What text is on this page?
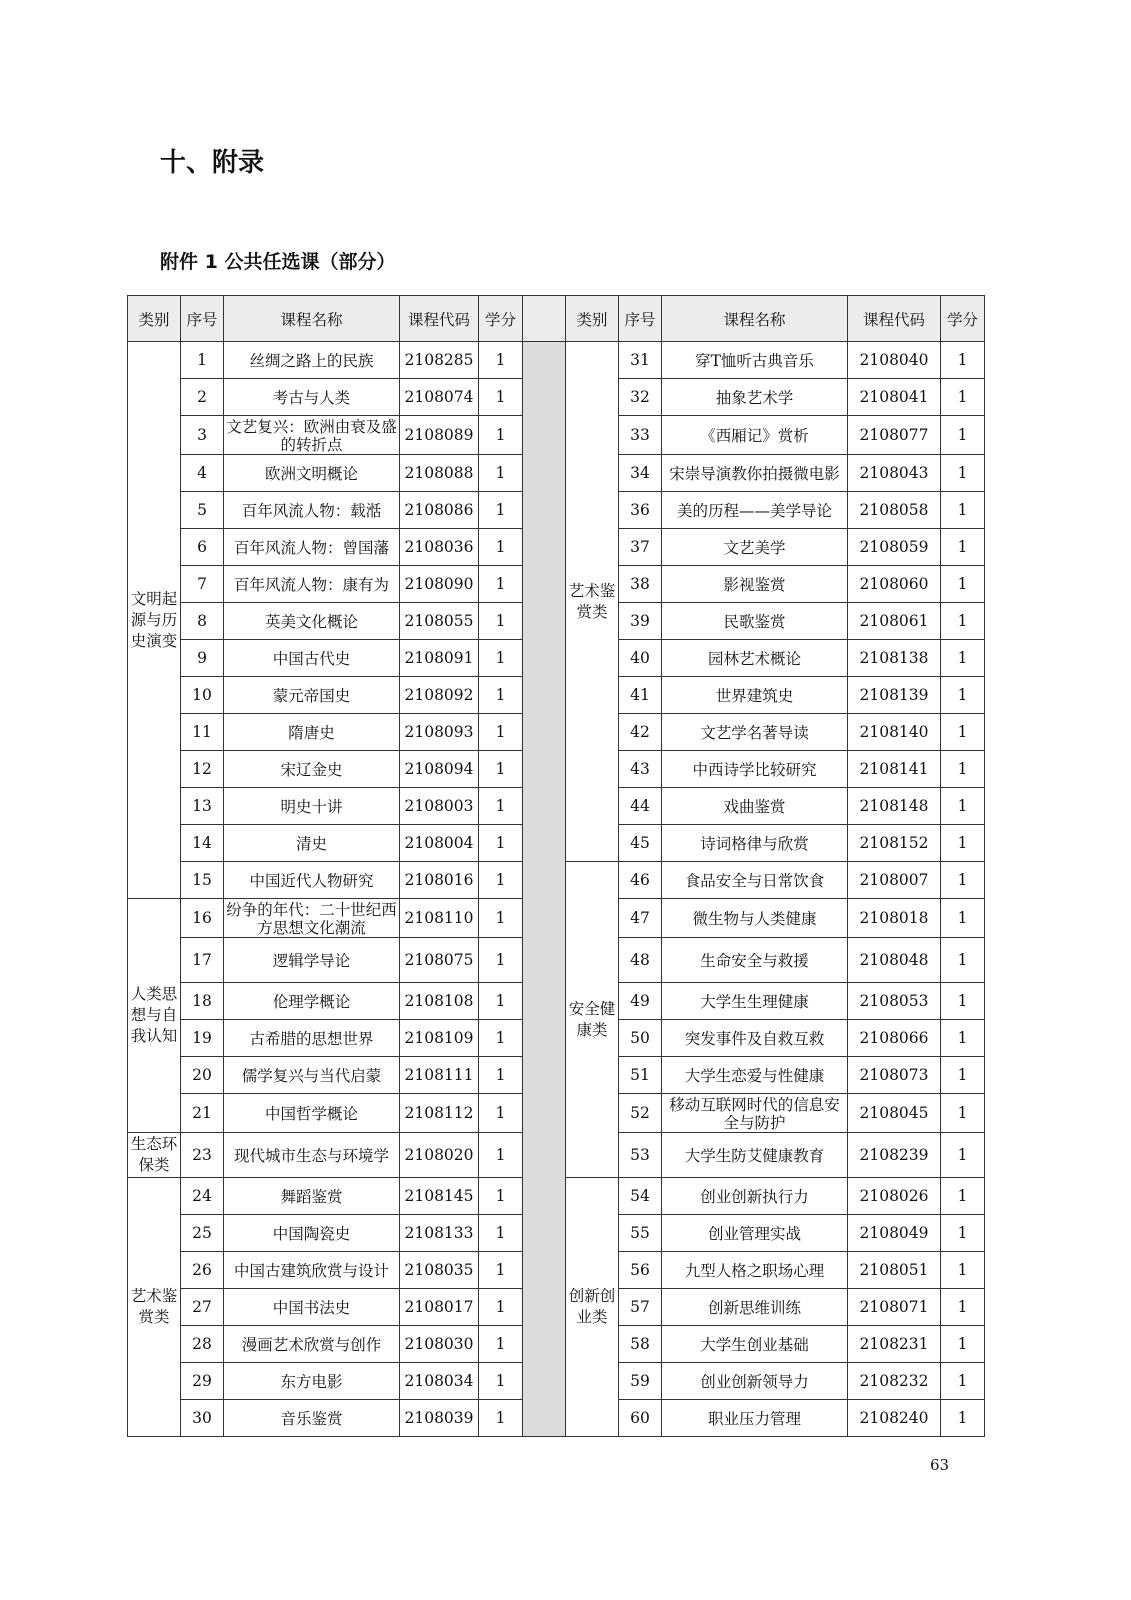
十、附录
附件 1 公共任选课（部分）
类别	序号	课程名称	课程代码	学分		类别	序号	课程名称	课程代码	学分
文明起源与历史演变	1	丝绸之路上的民族	2108285	1		艺术鉴赏类	31	穿T恤听古典音乐	2108040	1
	2	考古与人类	2108074	1			32	抽象艺术学	2108041	1
	3	文艺复兴：欧洲由衰及盛的转折点	2108089	1			33	《西厢记》赏析	2108077	1
	4	欧洲文明概论	2108088	1			34	宋崇导演教你拍摄微电影	2108043	1
	5	百年风流人物：载湉	2108086	1			36	美的历程——美学导论	2108058	1
	6	百年风流人物：曾国藩	2108036	1			37	文艺美学	2108059	1
	7	百年风流人物：康有为	2108090	1			38	影视鉴赏	2108060	1
	8	英美文化概论	2108055	1			39	民歌鉴赏	2108061	1
	9	中国古代史	2108091	1			40	园林艺术概论	2108138	1
	10	蒙元帝国史	2108092	1			41	世界建筑史	2108139	1
	11	隋唐史	2108093	1			42	文艺学名著导读	2108140	1
	12	宋辽金史	2108094	1			43	中西诗学比较研究	2108141	1
	13	明史十讲	2108003	1			44	戏曲鉴赏	2108148	1
	14	清史	2108004	1			45	诗词格律与欣赏	2108152	1
	15	中国近代人物研究	2108016	1		安全健康类	46	食品安全与日常饮食	2108007	1
人类思想与自我认知	16	纷争的年代：二十世纪西方思想文化潮流	2108110	1			47	微生物与人类健康	2108018	1
	17	逻辑学导论	2108075	1			48	生命安全与救援	2108048	1
	18	伦理学概论	2108108	1			49	大学生生理健康	2108053	1
	19	古希腊的思想世界	2108109	1			50	突发事件及自救互救	2108066	1
	20	儒学复兴与当代启蒙	2108111	1			51	大学生恋爱与性健康	2108073	1
	21	中国哲学概论	2108112	1			52	移动互联网时代的信息安全与防护	2108045	1
生态环保类	23	现代城市生态与环境学	2108020	1			53	大学生防艾健康教育	2108239	1
艺术鉴赏类	24	舞蹈鉴赏	2108145	1		创新创业类	54	创业创新执行力	2108026	1
	25	中国陶瓷史	2108133	1			55	创业管理实战	2108049	1
	26	中国古建筑欣赏与设计	2108035	1			56	九型人格之职场心理	2108051	1
	27	中国书法史	2108017	1			57	创新思维训练	2108071	1
	28	漫画艺术欣赏与创作	2108030	1			58	大学生创业基础	2108231	1
	29	东方电影	2108034	1			59	创业创新领导力	2108232	1
	30	音乐鉴赏	2108039	1			60	职业压力管理	2108240	1

63
